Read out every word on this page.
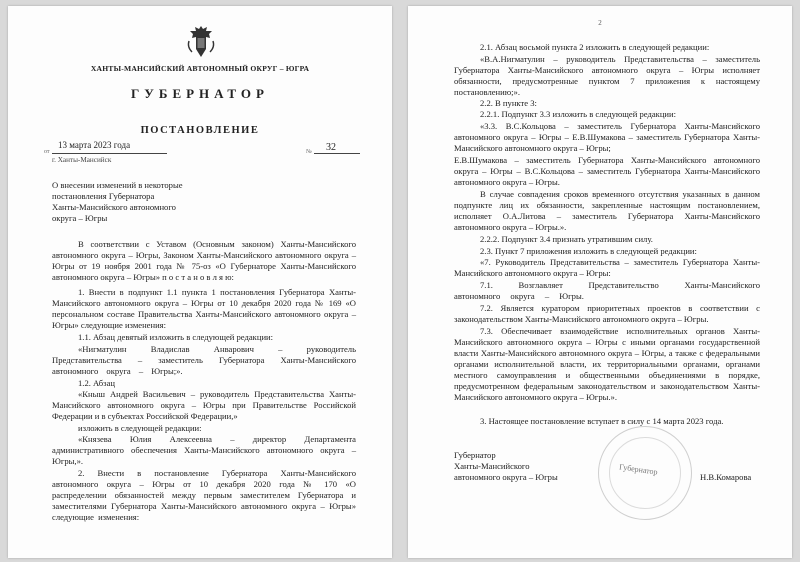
ХАНТЫ-МАНСИЙСКИЙ АВТОНОМНЫЙ ОКРУГ – ЮГРА
ГУБЕРНАТОР
ПОСТАНОВЛЕНИЕ
13 марта 2023 года
от	№ 32
г. Ханты-Мансийск
О внесении изменений в некоторые
постановления Губернатора
Ханты-Мансийского автономного
округа – Югры
В соответствии с Уставом (Основным законом) Ханты-Мансийского автономного округа – Югры, Законом Ханты-Мансийского автономного округа – Югры от 19 ноября 2001 года № 75-оз «О Губернаторе Ханты-Мансийского автономного округа – Югры» п о с т а н о в л я ю:
1. Внести в подпункт 1.1 пункта 1 постановления Губернатора Ханты-Мансийского автономного округа – Югры от 10 декабря 2020 года № 169 «О персональном составе Правительства Ханты-Мансийского автономного округа – Югры» следующие изменения:
1.1. Абзац девятый изложить в следующей редакции:
«Нигматулин Владислав Анварович – руководитель Представительства – заместитель Губернатора Ханты-Мансийского автономного округа – Югры;».
1.2. Абзац
«Кныш Андрей Васильевич – руководитель Представительства Ханты-Мансийского автономного округа – Югры при Правительстве Российской Федерации и в субъектах Российской Федерации,»
изложить в следующей редакции:
«Князева Юлия Алексеевна – директор Департамента административного обеспечения Ханты-Мансийского автономного округа – Югры,».
2. Внести в постановление Губернатора Ханты-Мансийского автономного округа – Югры от 10 декабря 2020 года № 170 «О распределении обязанностей между первым заместителем Губернатора и заместителями Губернатора Ханты-Мансийского автономного округа – Югры» следующие изменения:
2
2.1. Абзац восьмой пункта 2 изложить в следующей редакции:
«В.А.Нигматулин – руководитель Представительства – заместитель Губернатора Ханты-Мансийского автономного округа – Югры исполняет обязанности, предусмотренные пунктом 7 приложения к настоящему постановлению;».
2.2. В пункте 3:
2.2.1. Подпункт 3.3 изложить в следующей редакции:
«3.3. В.С.Кольцова – заместитель Губернатора Ханты-Мансийского автономного округа – Югры – Е.В.Шумакова – заместитель Губернатора Ханты-Мансийского автономного округа – Югры;
Е.В.Шумакова – заместитель Губернатора Ханты-Мансийского автономного округа – Югры – В.С.Кольцова – заместитель Губернатора Ханты-Мансийского автономного округа – Югры.
В случае совпадения сроков временного отсутствия указанных в данном подпункте лиц их обязанности, закрепленные настоящим постановлением, исполняет О.А.Литова – заместитель Губернатора Ханты-Мансийского автономного округа – Югры.».
2.2.2. Подпункт 3.4 признать утратившим силу.
2.3. Пункт 7 приложения изложить в следующей редакции:
«7. Руководитель Представительства – заместитель Губернатора Ханты-Мансийского автономного округа – Югры:
7.1. Возглавляет Представительство Ханты-Мансийского автономного округа – Югры.
7.2. Является куратором приоритетных проектов в соответствии с законодательством Ханты-Мансийского автономного округа – Югры.
7.3. Обеспечивает взаимодействие исполнительных органов Ханты-Мансийского автономного округа – Югры с иными органами государственной власти Ханты-Мансийского автономного округа – Югры, а также с федеральными органами исполнительной власти, их территориальными органами, органами местного самоуправления и общественными объединениями в порядке, предусмотренном федеральным законодательством и законодательством Ханты-Мансийского автономного округа – Югры.».
3. Настоящее постановление вступает в силу с 14 марта 2023 года.
Губернатор
Ханты-Мансийского
автономного округа – Югры
Губернатор
Н.В.Комарова
